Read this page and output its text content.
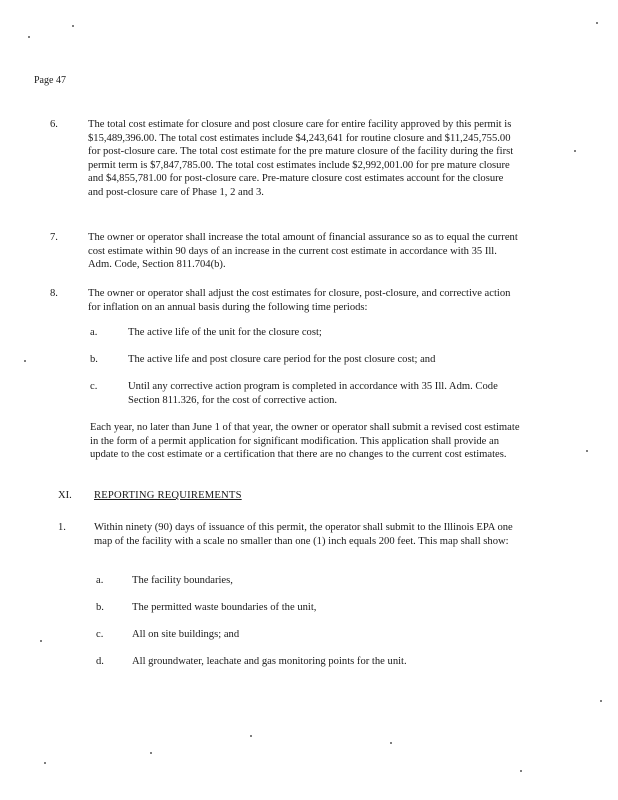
Page 47
6.	The total cost estimate for closure and post closure care for entire facility approved by this permit is $15,489,396.00. The total cost estimates include $4,243,641 for routine closure and $11,245,755.00 for post-closure care. The total cost estimate for the pre mature closure of the facility during the first permit term is $7,847,785.00. The total cost estimates include $2,992,001.00 for pre mature closure and $4,855,781.00 for post-closure care. Pre-mature closure cost estimates account for the closure and post-closure care of Phase 1, 2 and 3.
7.	The owner or operator shall increase the total amount of financial assurance so as to equal the current cost estimate within 90 days of an increase in the current cost estimate in accordance with 35 Ill. Adm. Code, Section 811.704(b).
8.	The owner or operator shall adjust the cost estimates for closure, post-closure, and corrective action for inflation on an annual basis during the following time periods:
a.	The active life of the unit for the closure cost;
b.	The active life and post closure care period for the post closure cost; and
c.	Until any corrective action program is completed in accordance with 35 Ill. Adm. Code Section 811.326, for the cost of corrective action.
Each year, no later than June 1 of that year, the owner or operator shall submit a revised cost estimate in the form of a permit application for significant modification. This application shall provide an update to the cost estimate or a certification that there are no changes to the current cost estimates.
XI.	REPORTING REQUIREMENTS
1.	Within ninety (90) days of issuance of this permit, the operator shall submit to the Illinois EPA one map of the facility with a scale no smaller than one (1) inch equals 200 feet. This map shall show:
a.	The facility boundaries,
b.	The permitted waste boundaries of the unit,
c.	All on site buildings; and
d.	All groundwater, leachate and gas monitoring points for the unit.
